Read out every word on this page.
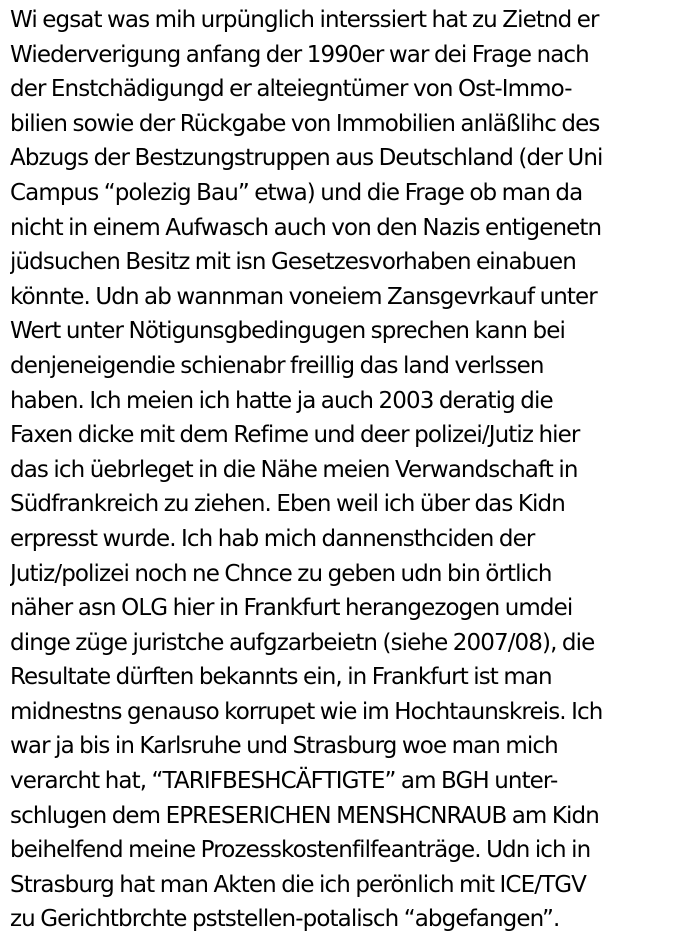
Wi egsat was mih urpünglich interssiert hat zu Zietnd er
Wiederverigung anfang der 1990er war dei Frage nach
der Enstchädigungd er alteiegntümer von Ost-Immo-
bilien sowie der Rückgabe von Immobilien anläßlihc des
Abzugs der Bestzungstruppen aus Deutschland (der Uni
Campus “polezig Bau” etwa) und die Frage ob man da
nicht in einem Aufwasch auch von den Nazis entigenetn
jüdsuchen Besitz mit isn Gesetzesvorhaben einabuen
könnte. Udn ab wannman voneiem Zansgevrkauf unter
Wert unter Nötigunsgbedingugen sprechen kann bei
denjeneigendie schienabr freillig das land verlssen
haben. Ich meien ich hatte ja auch 2003 deratig die
Faxen dicke mit dem Refime und deer polizei/Jutiz hier
das ich üebrleget in die Nähe meien Verwandschaft in
Südfrankreich zu ziehen. Eben weil ich über das Kidn
erpresst wurde. Ich hab mich dannensthciden der
Jutiz/polizei noch ne Chnce zu geben udn bin örtlich
näher asn OLG hier in Frankfurt herangezogen umdei
dinge züge juristche aufgzarbeietn (siehe 2007/08), die
Resultate dürften bekannts ein, in Frankfurt ist man
midnestns genauso korrupet wie im Hochtaunskreis. Ich
war ja bis in Karlsruhe und Strasburg woe man mich
verarcht hat, “TARIFBESHCÄFTIGTE” am BGH unter-
schlugen dem EPRESERICHEN MENSHCNRAUB am Kidn
beihelfend meine Prozesskostenfilfeanträge. Udn ich in
Strasburg hat man Akten die ich perönlich mit ICE/TGV
zu Gerichtbrchte pststellen-potalisch “abgefangen”.
